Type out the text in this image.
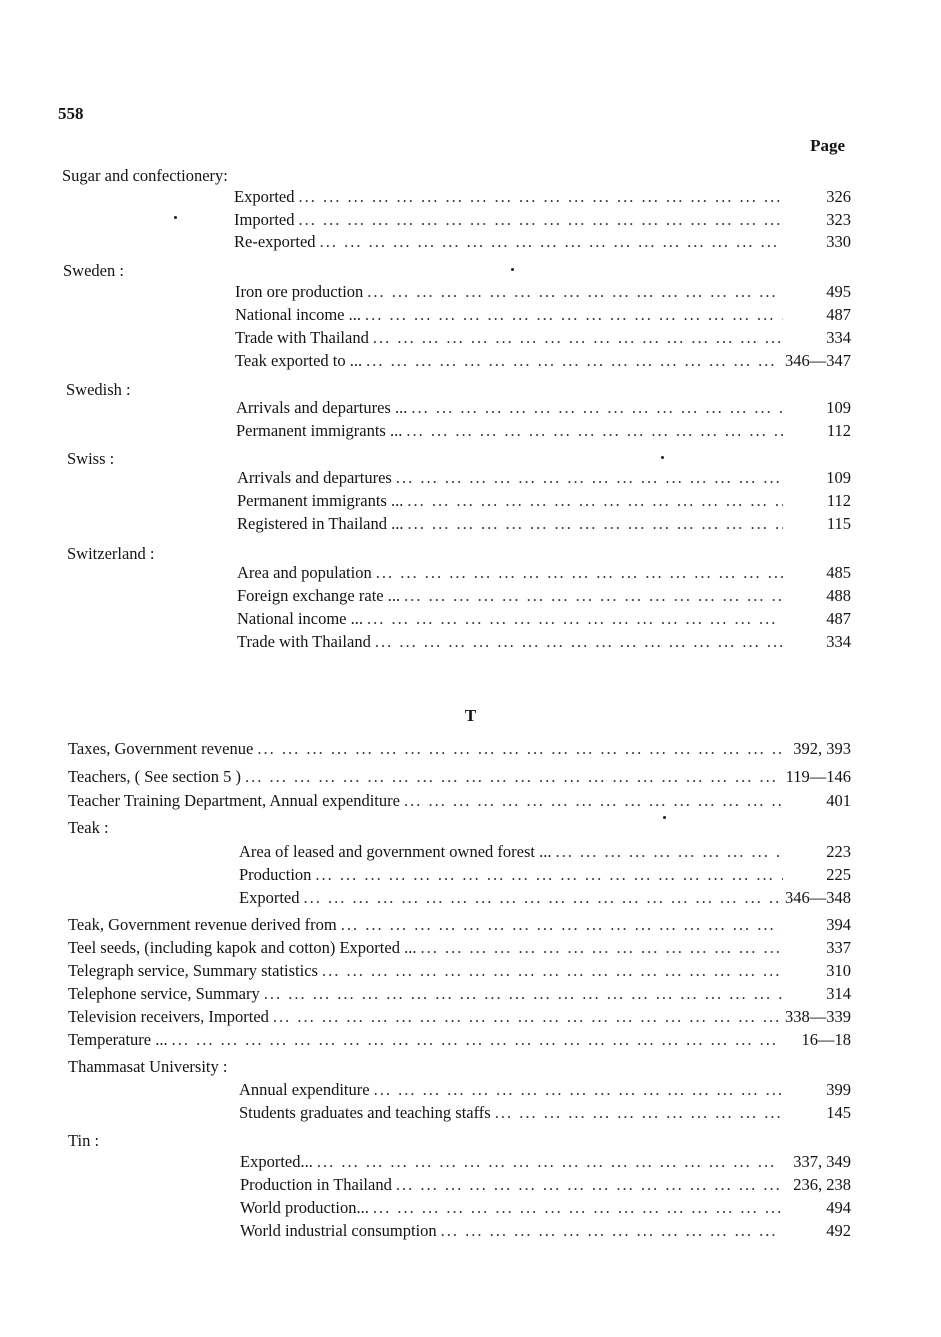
558
Page
Sugar and confectionery:
Exported ... .	326
Imported ... .	323
Re-exported ... .	330
Sweden :
Iron ore production ... .	495
National income ... ... .	487
Trade with Thailand ... .	334
Teak exported to ... ... .	346—347
Swedish :
Arrivals and departures ... ... .	109
Permanent immigrants ... ... .	112
Swiss :
Arrivals and departures ... .	109
Permanent immigrants ... ... .	112
Registered in Thailand ... ... .	115
Switzerland :
Area and population ... .	485
Foreign exchange rate ... ... .	488
National income ... ... .	487
Trade with Thailand ... .	334
T
Taxes, Government revenue ... .	392, 393
Teachers, ( See section 5 ) ... .	119—146
Teacher Training Department, Annual expenditure ... .	401
Teak :
Area of leased and government owned forest ... ... .	223
Production ... .	225
Exported ... .	346—348
Teak, Government revenue derived from ... .	394
Teel seeds, (including kapok and cotton) Exported ... ... .	337
Telegraph service, Summary statistics ... .	310
Telephone service, Summary ... .	314
Television receivers, Imported ... .	338—339
Temperature ... ... .	16—18
Thammasat University :
Annual expenditure ... .	399
Students graduates and teaching staffs ... .	145
Tin :
Exported... ... .	337, 349
Production in Thailand ... .	236, 238
World production... ... .	494
World industrial consumption ... .	492
